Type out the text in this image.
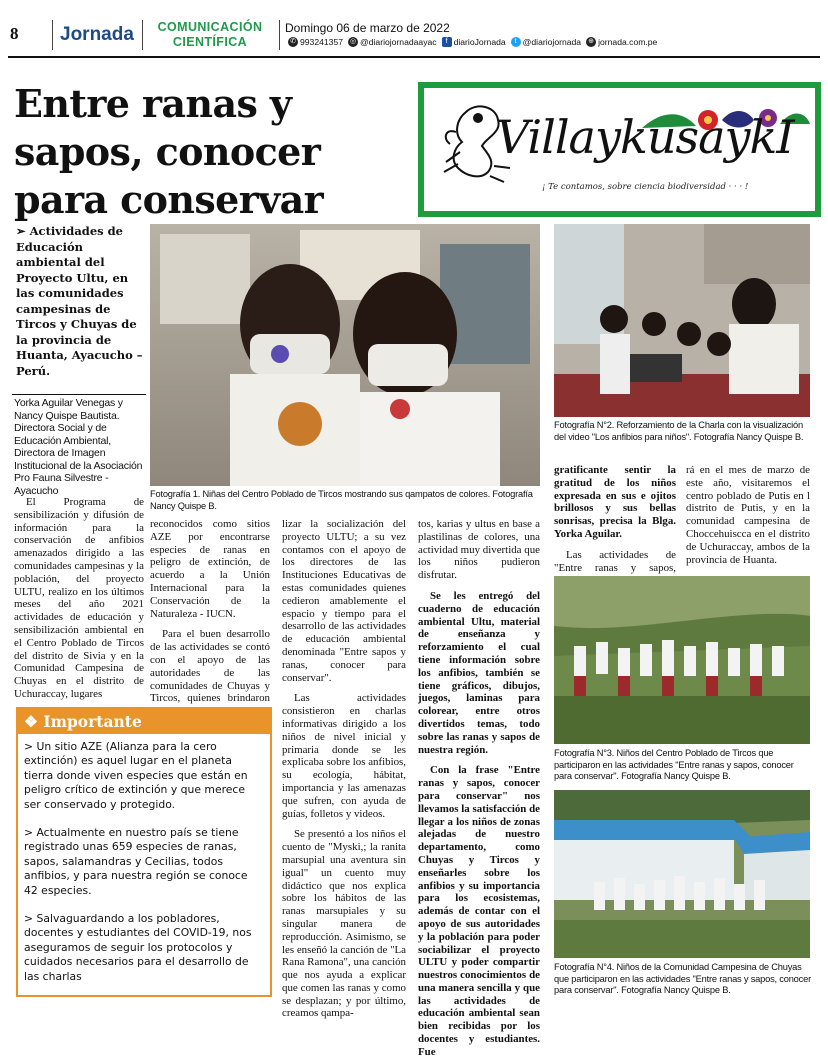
8 Jornada	COMUNICACIÓN
CIENTÍFICA
Domingo 06 de marzo de 2022
✆ 993241357 ◎ @diariojornadaayac	f diarioJornada	t @diariojornada ⊕ jornada.com.pe
Entre ranas y sapos, conocer para conservar
VillaykusaykI
¡ Te contamos, sobre ciencia biodiversidad · · · !
➢ Actividades de Educación ambiental del Proyecto Ultu, en las comunidades campesinas de Tircos y Chuyas de la provincia de Huanta, Ayacucho – Perú.
Yorka Aguilar Venegas y Nancy Quispe Bautista. Directora Social y de Educación Ambiental, Directora de Imagen Institucional de la Asociación Pro Fauna Silvestre - Ayacucho	Fotografía 1. Niñas del Centro Poblado de Tircos mostrando sus qampatos de colores. Fotografía Nancy Quispe B.
Fotografía N°2. Reforzamiento de la Charla con la visualización del video "Los anfibios para niños". Fotografía Nancy Quispe B.

El Programa de sensibilización y difusión de información para la conservación de anfibios amenazados dirigido a las comunidades campesinas y la población, del proyecto ULTU, realizo en los últimos meses del año 2021 actividades de educación y sensibilización ambiental en el Centro Poblado de Tircos del distrito de Sivia y en la Comunidad Campesina de Chuyas en el distrito de Uchuraccay, lugares

reconocidos como sitios AZE por encontrarse especies de ranas en peligro de extinción, de acuerdo a la Unión Internacional para la Conservación de la Naturaleza - IUCN.

Para el buen desarrollo de las actividades se contó con el apoyo de las autoridades de las comunidades de Chuyas y Tircos, quienes brindaron

lizar la socialización del proyecto ULTU; a su vez contamos con el apoyo de los directores de las Instituciones Educativas de estas comunidades quienes cedieron amablemente el espacio y tiempo para el desarrollo de las actividades de educación ambiental denominada "Entre sapos y ranas, conocer para conservar".

Las actividades consistieron en charlas informativas dirigido a los niños de nivel inicial y primaria donde se les explicaba sobre los anfibios, su ecología, hábitat, importancia y las amenazas que sufren, con ayuda de guías, folletos y videos.

Se presentó a los niños el cuento de "Myski,; la ranita marsupial una aventura sin igual" un cuento muy didáctico que nos explica sobre los hábitos de las ranas marsupiales y su singular manera de reproducción. Asimismo, se les enseñó la canción de "La Rana Ramona", una canción que nos ayuda a explicar que comen las ranas y como se desplazan; y por último, creamos qampa-

tos, karias y ultus en base a plastilinas de colores, una actividad muy divertida que los niños pudieron disfrutar.

Se les entregó del cuaderno de educación ambiental Ultu, material de enseñanza y reforzamiento el cual tiene información sobre los anfibios, también se tiene gráficos, dibujos, juegos, laminas para colorear, entre otros divertidos temas, todo sobre las ranas y sapos de nuestra región.

Con la frase "Entre ranas y sapos, conocer para conservar" nos llevamos la satisfacción de llegar a los niños de zonas alejadas de nuestro departamento, como Chuyas y Tircos y enseñarles sobre los anfibios y su importancia para los ecosistemas, además de contar con el apoyo de sus autoridades y la población para poder sociabilizar el proyecto ULTU y poder compartir nuestros conocimientos de una manera sencilla y que las actividades de educación ambiental sean bien recibidas por los docentes y estudiantes. Fue

gratificante sentir la gratitud de los niños expresada en sus e ojitos brillosos y sus bellas sonrisas, precisa la Blga. Yorka Aguilar.

Las actividades de "Entre ranas y sapos,

rá en el mes de marzo de este año, visitaremos el centro poblado de Putis en l distrito de Putis, y en la comunidad campesina de Choccehuiscca en el distrito de Uchuraccay, ambos de la provincia de Huanta.

Fotografía N°3. Niños del Centro Poblado de Tircos que participaron en las actividades "Entre ranas y sapos, conocer para conservar". Fotografía Nancy Quispe B.
Fotografía N°4. Niños de la Comunidad Campesina de Chuyas que participaron en las actividades "Entre ranas y sapos, conocer para conservar". Fotografía Nancy Quispe B.
❖ Importante

> Un sitio AZE (Alianza para la cero extinción) es aquel lugar en el planeta tierra donde viven especies que están en peligro crítico de extinción y que merece ser conservado y protegido.

> Actualmente en nuestro país se tiene registrado unas 659 especies de ranas, sapos, salamandras y Cecilias, todos anfibios, y para nuestra región se conoce 42 especies.

> Salvaguardando a los pobladores, docentes y estudiantes del COVID-19, nos aseguramos de seguir los protocolos y cuidados necesarios para el desarrollo de las charlas
